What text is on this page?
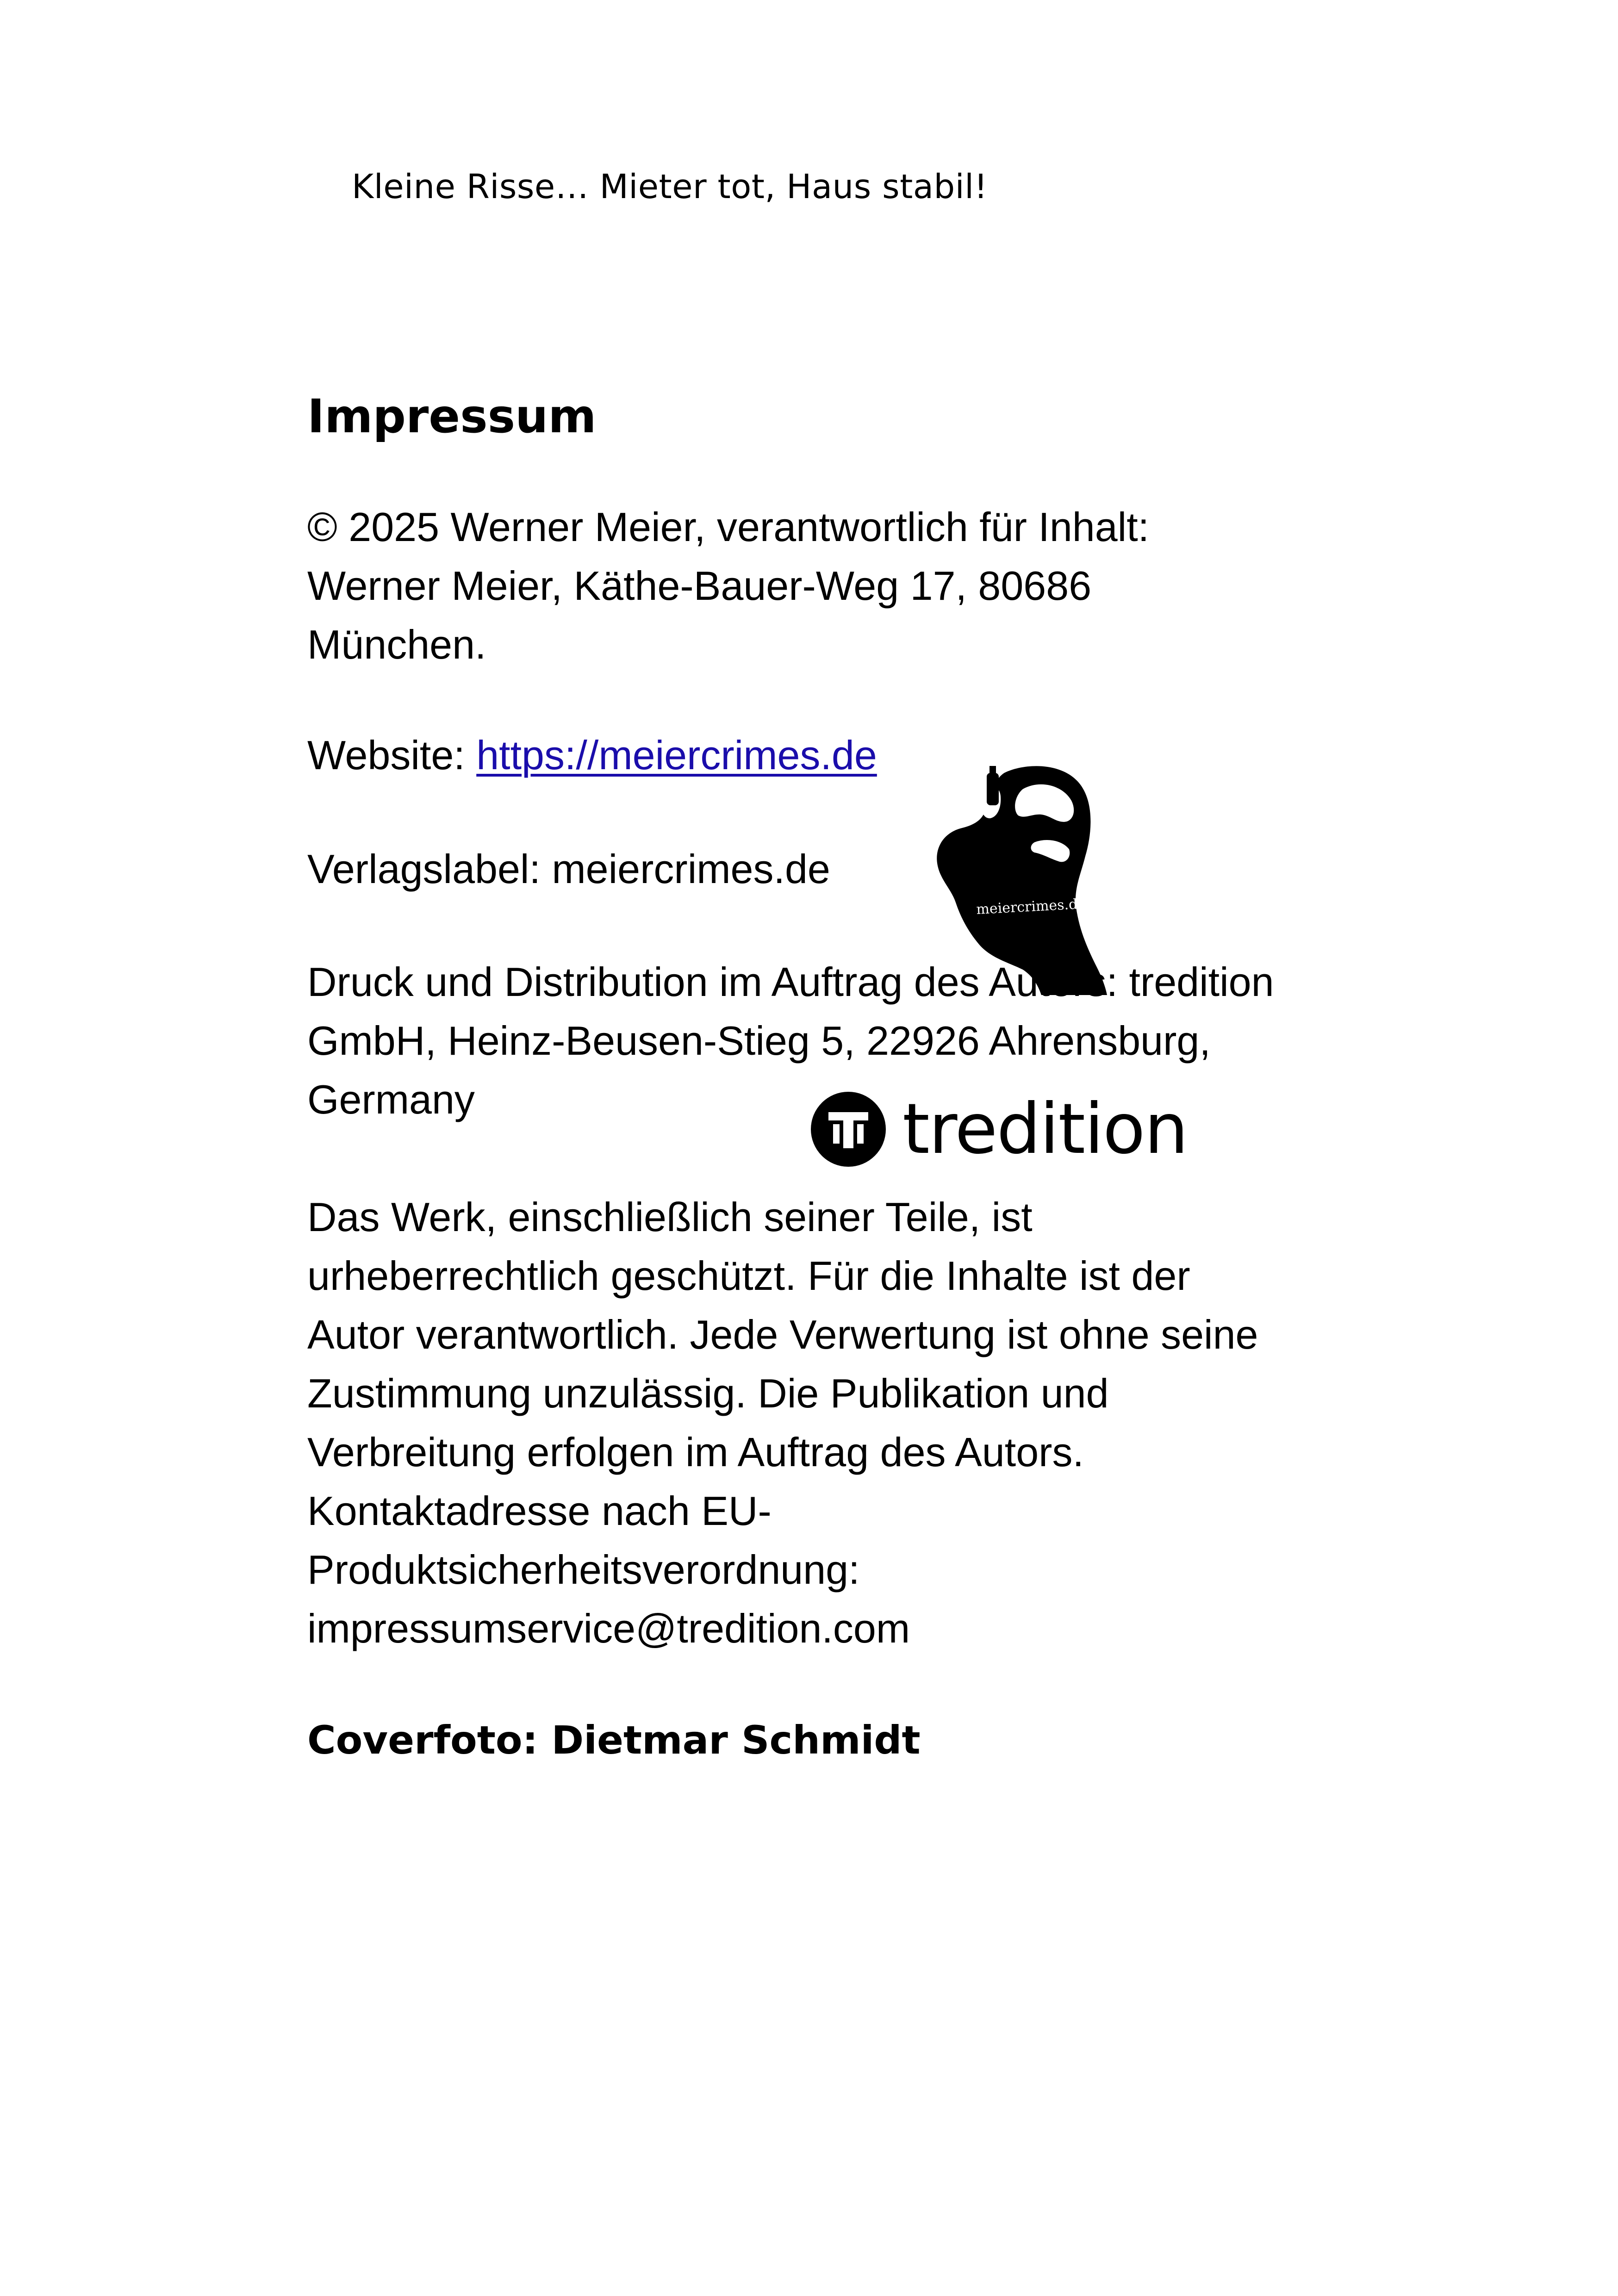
Kleine Risse… Mieter tot, Haus stabil!
Impressum

© 2025 Werner Meier, verantwortlich für Inhalt:
Werner Meier, Käthe-Bauer-Weg 17, 80686
München.

Website: https://meiercrimes.de

Verlagslabel: meiercrimes.de

Druck und Distribution im Auftrag des Autors: tredition
GmbH, Heinz-Beusen-Stieg 5, 22926 Ahrensburg,
Germany

Das Werk, einschließlich seiner Teile, ist
urheberrechtlich geschützt. Für die Inhalte ist der
Autor verantwortlich. Jede Verwertung ist ohne seine
Zustimmung unzulässig. Die Publikation und
Verbreitung erfolgen im Auftrag des Autors.
Kontaktadresse nach EU-
Produktsicherheitsverordnung:
impressumservice@tredition.com

Coverfoto: Dietmar Schmidt

meiercrimes.de
tredition
